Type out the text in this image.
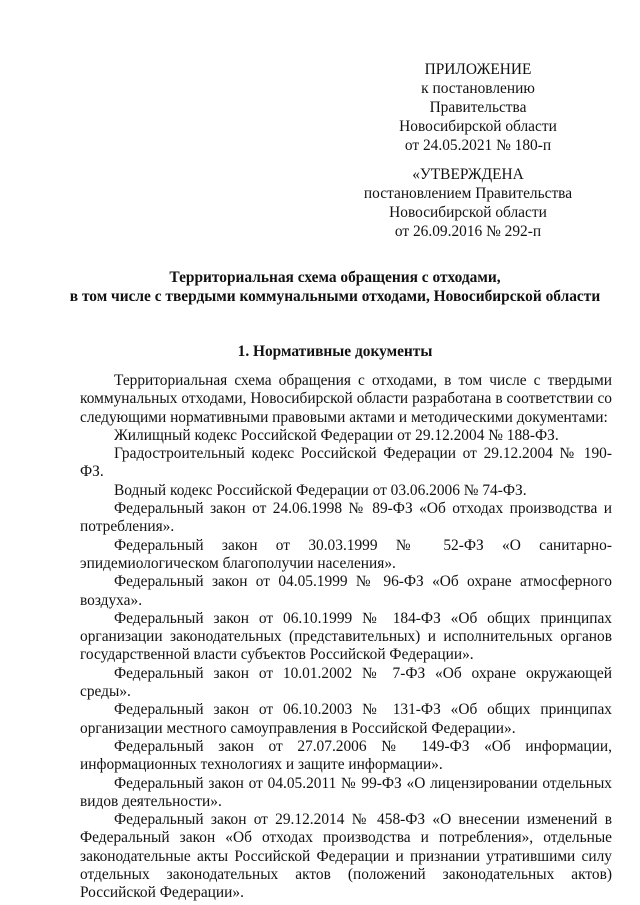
ПРИЛОЖЕНИЕ
к постановлению Правительства
Новосибирской области
от 24.05.2021 № 180-п
«УТВЕРЖДЕНА
постановлением Правительства
Новосибирской области
от 26.09.2016 № 292-п
Территориальная схема обращения с отходами,
в том числе с твердыми коммунальными отходами, Новосибирской области
1. Нормативные документы

Территориальная схема обращения с отходами, в том числе с твердыми коммунальных отходами, Новосибирской области разработана в соответствии со следующими нормативными правовыми актами и методическими документами:

Жилищный кодекс Российской Федерации от 29.12.2004 № 188-ФЗ.

Градостроительный кодекс Российской Федерации от 29.12.2004 № 190-ФЗ.

Водный кодекс Российской Федерации от 03.06.2006 № 74-ФЗ.

Федеральный закон от 24.06.1998 № 89-ФЗ «Об отходах производства и потребления».

Федеральный закон от 30.03.1999 № 52-ФЗ «О санитарно-эпидемиологическом благополучии населения».

Федеральный закон от 04.05.1999 № 96-ФЗ «Об охране атмосферного воздуха».

Федеральный закон от 06.10.1999 № 184-ФЗ «Об общих принципах организации законодательных (представительных) и исполнительных органов государственной власти субъектов Российской Федерации».

Федеральный закон от 10.01.2002 № 7-ФЗ «Об охране окружающей среды».

Федеральный закон от 06.10.2003 № 131-ФЗ «Об общих принципах организации местного самоуправления в Российской Федерации».

Федеральный закон от 27.07.2006 № 149-ФЗ «Об информации, информационных технологиях и защите информации».

Федеральный закон от 04.05.2011 № 99-ФЗ «О лицензировании отдельных видов деятельности».

Федеральный закон от 29.12.2014 № 458-ФЗ «О внесении изменений в Федеральный закон «Об отходах производства и потребления», отдельные законодательные акты Российской Федерации и признании утратившими силу отдельных законодательных актов (положений законодательных актов) Российской Федерации».
